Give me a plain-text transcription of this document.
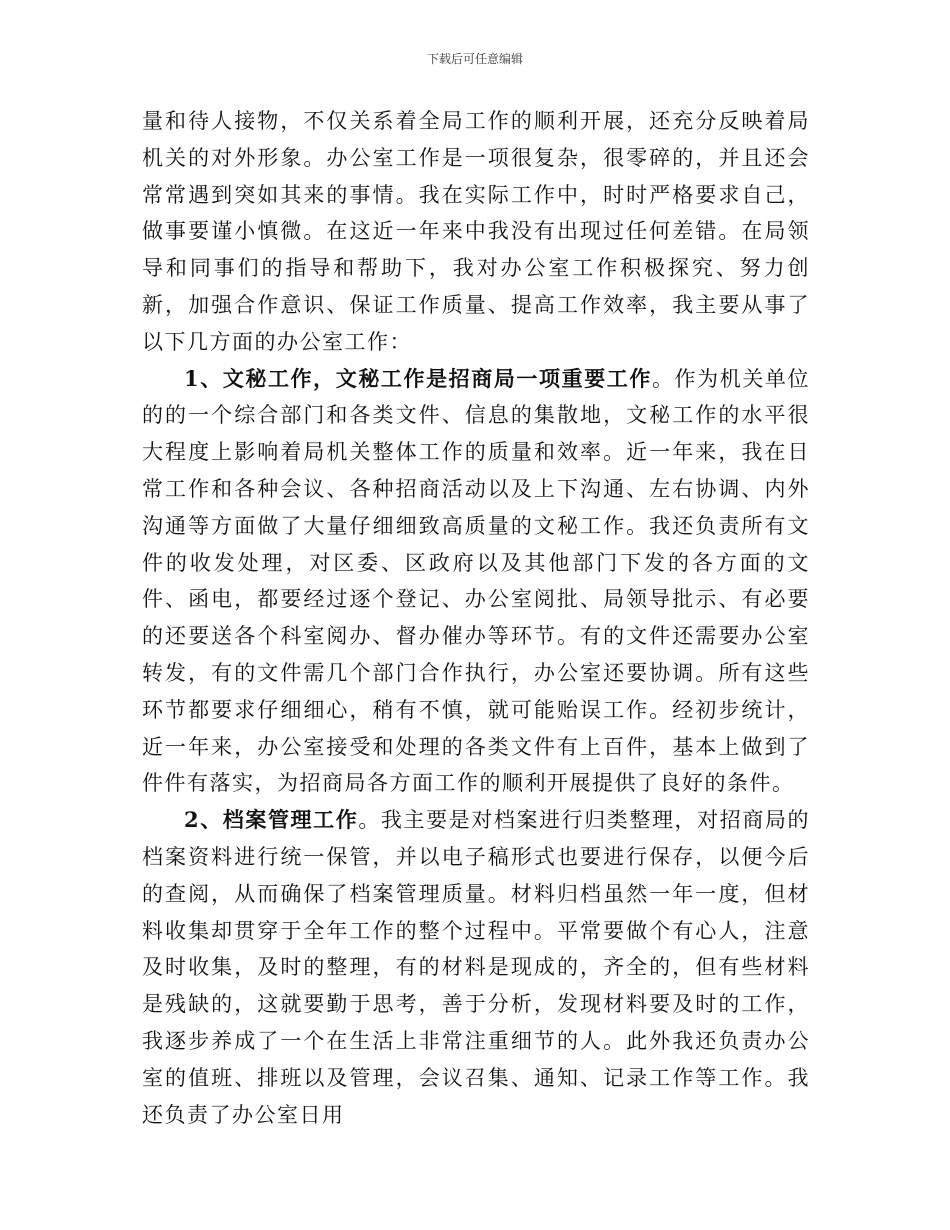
下载后可任意编辑

量和待人接物，不仅关系着全局工作的顺利开展，还充分反映着局机关的对外形象。办公室工作是一项很复杂，很零碎的，并且还会常常遇到突如其来的事情。我在实际工作中，时时严格要求自己，做事要谨小慎微。在这近一年来中我没有出现过任何差错。在局领导和同事们的指导和帮助下，我对办公室工作积极探究、努力创新，加强合作意识、保证工作质量、提高工作效率，我主要从事了以下几方面的办公室工作：

1、文秘工作，文秘工作是招商局一项重要工作。作为机关单位的的一个综合部门和各类文件、信息的集散地，文秘工作的水平很大程度上影响着局机关整体工作的质量和效率。近一年来，我在日常工作和各种会议、各种招商活动以及上下沟通、左右协调、内外沟通等方面做了大量仔细细致高质量的文秘工作。我还负责所有文件的收发处理，对区委、区政府以及其他部门下发的各方面的文件、函电，都要经过逐个登记、办公室阅批、局领导批示、有必要的还要送各个科室阅办、督办催办等环节。有的文件还需要办公室转发，有的文件需几个部门合作执行，办公室还要协调。所有这些环节都要求仔细细心，稍有不慎，就可能贻误工作。经初步统计，近一年来，办公室接受和处理的各类文件有上百件，基本上做到了件件有落实，为招商局各方面工作的顺利开展提供了良好的条件。

2、档案管理工作。我主要是对档案进行归类整理，对招商局的档案资料进行统一保管，并以电子稿形式也要进行保存，以便今后的查阅，从而确保了档案管理质量。材料归档虽然一年一度，但材料收集却贯穿于全年工作的整个过程中。平常要做个有心人，注意及时收集，及时的整理，有的材料是现成的，齐全的，但有些材料是残缺的，这就要勤于思考，善于分析，发现材料要及时的工作，我逐步养成了一个在生活上非常注重细节的人。此外我还负责办公室的值班、排班以及管理，会议召集、通知、记录工作等工作。我还负责了办公室日用
